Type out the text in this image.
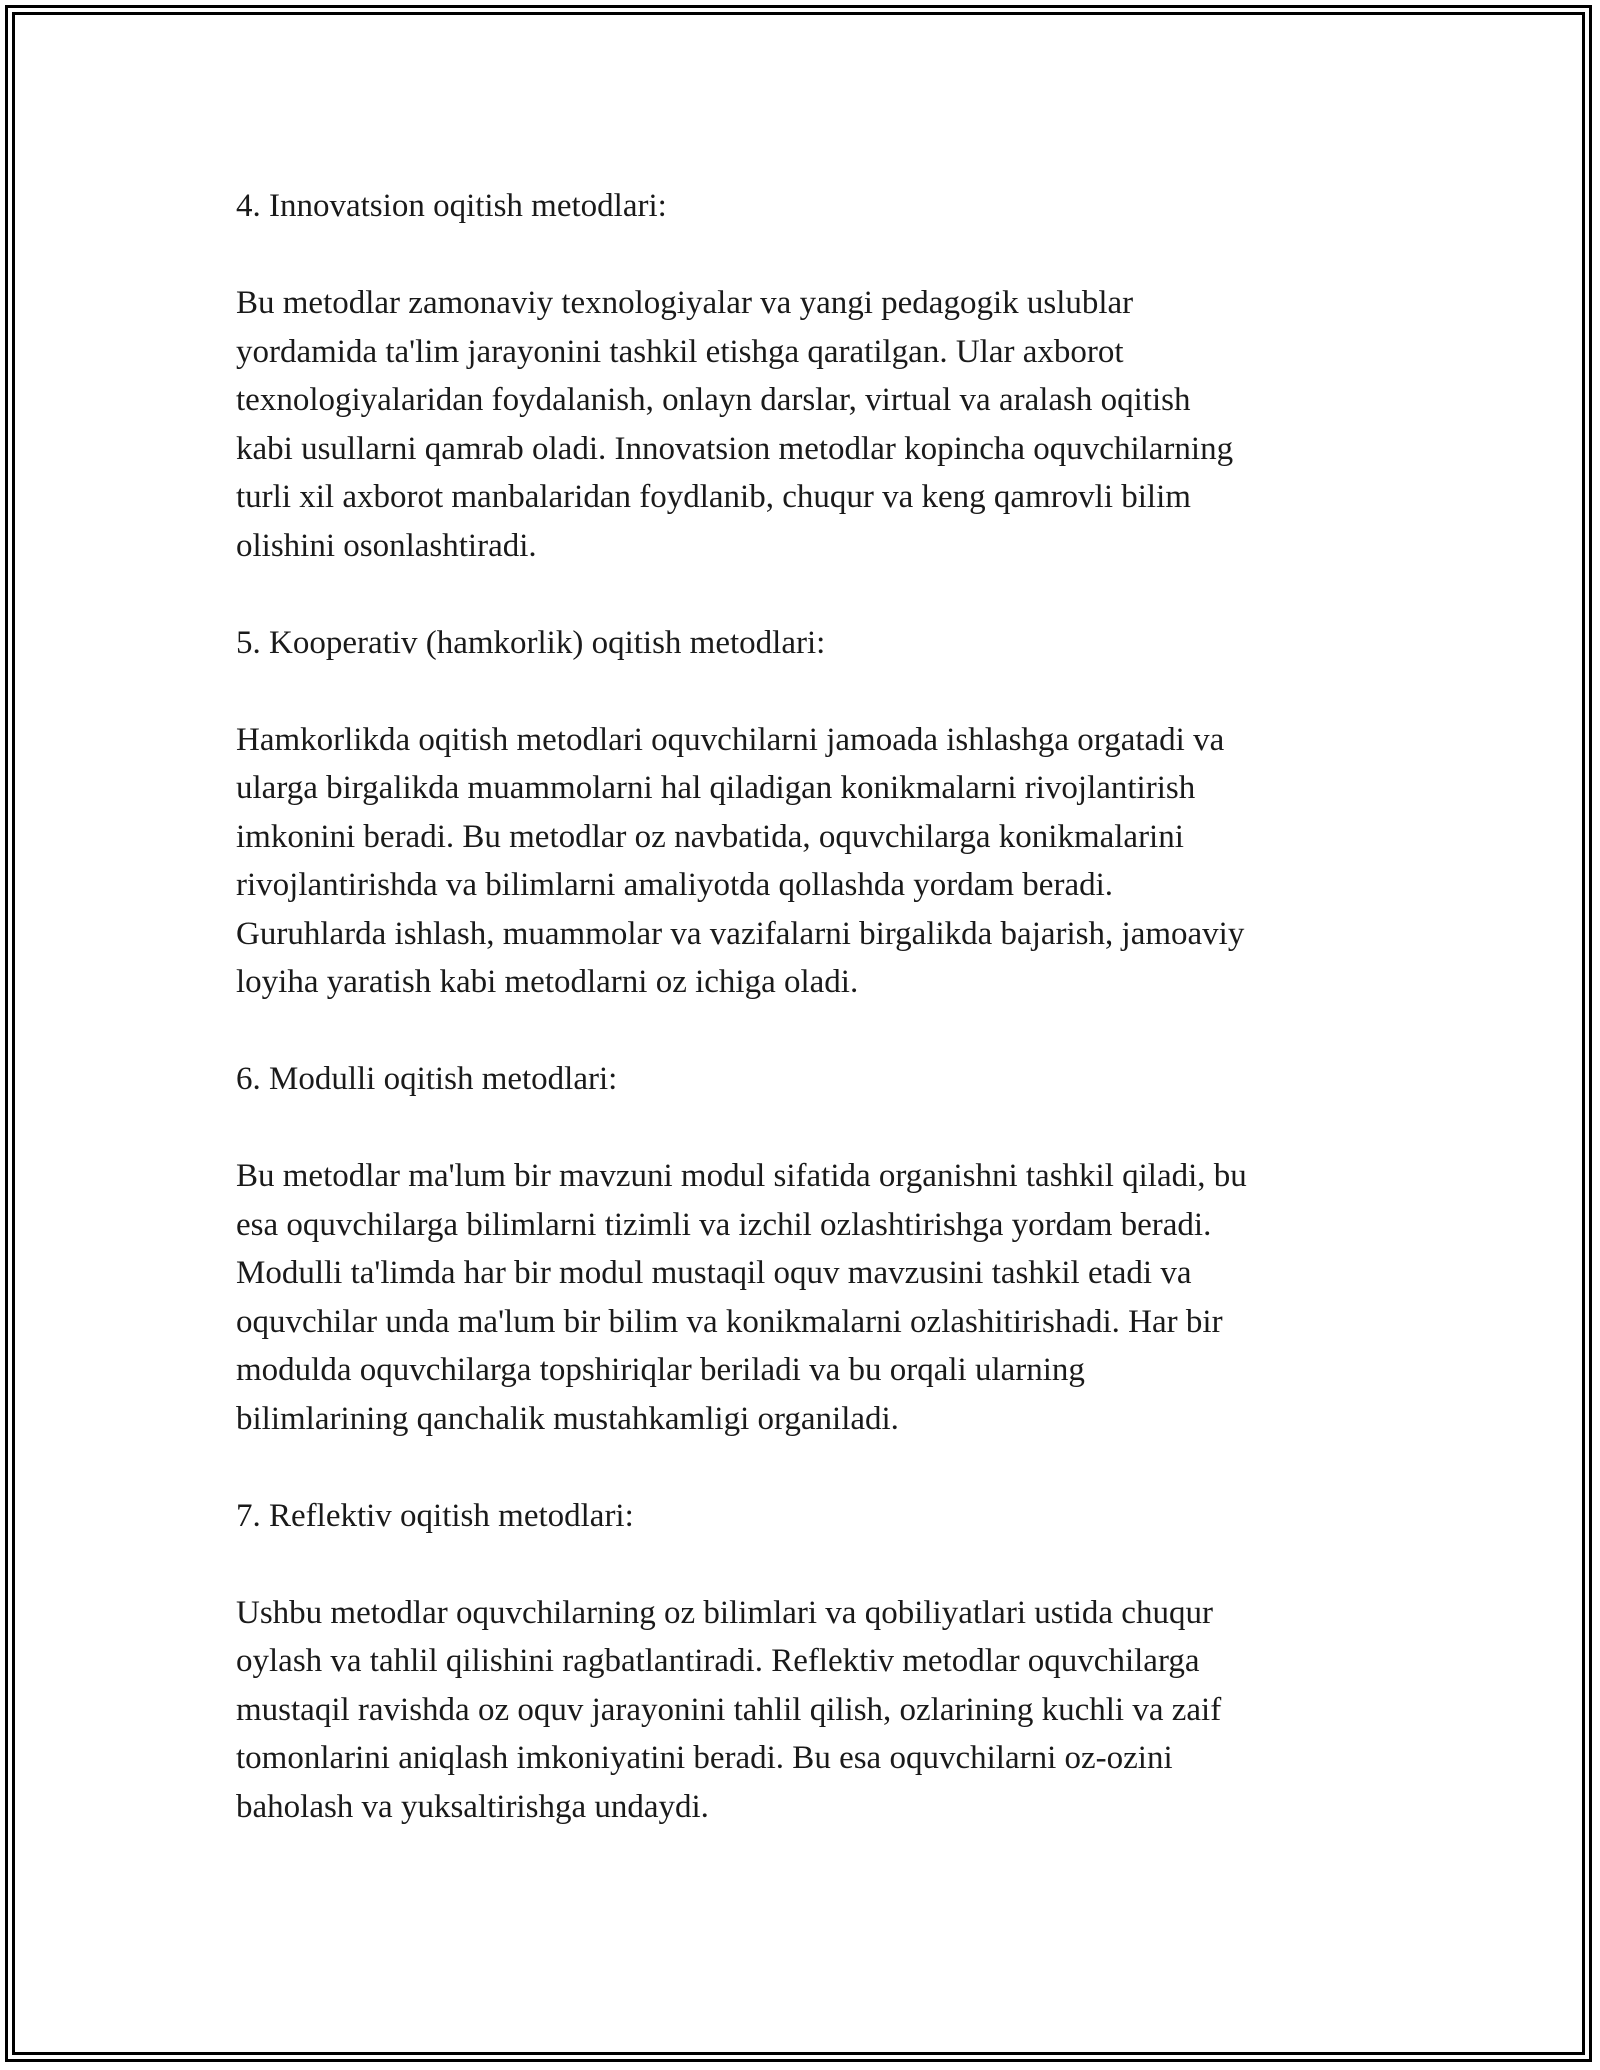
4. Innovatsion oqitish metodlari:

Bu metodlar zamonaviy texnologiyalar va yangi pedagogik uslublar
yordamida ta'lim jarayonini tashkil etishga qaratilgan. Ular axborot
texnologiyalaridan foydalanish, onlayn darslar, virtual va aralash oqitish
kabi usullarni qamrab oladi. Innovatsion metodlar kopincha oquvchilarning
turli xil axborot manbalaridan foydlanib, chuqur va keng qamrovli bilim
olishini osonlashtiradi.

5. Kooperativ (hamkorlik) oqitish metodlari:

Hamkorlikda oqitish metodlari oquvchilarni jamoada ishlashga orgatadi va
ularga birgalikda muammolarni hal qiladigan konikmalarni rivojlantirish
imkonini beradi. Bu metodlar oz navbatida, oquvchilarga konikmalarini
rivojlantirishda va bilimlarni amaliyotda qollashda yordam beradi.
Guruhlarda ishlash, muammolar va vazifalarni birgalikda bajarish, jamoaviy
loyiha yaratish kabi metodlarni oz ichiga oladi.

6. Modulli oqitish metodlari:

Bu metodlar ma'lum bir mavzuni modul sifatida organishni tashkil qiladi, bu
esa oquvchilarga bilimlarni tizimli va izchil ozlashtirishga yordam beradi.
Modulli ta'limda har bir modul mustaqil oquv mavzusini tashkil etadi va
oquvchilar unda ma'lum bir bilim va konikmalarni ozlashitirishadi. Har bir
modulda oquvchilarga topshiriqlar beriladi va bu orqali ularning
bilimlarining qanchalik mustahkamligi organiladi.

7. Reflektiv oqitish metodlari:

Ushbu metodlar oquvchilarning oz bilimlari va qobiliyatlari ustida chuqur
oylash va tahlil qilishini ragbatlantiradi. Reflektiv metodlar oquvchilarga
mustaqil ravishda oz oquv jarayonini tahlil qilish, ozlarining kuchli va zaif
tomonlarini aniqlash imkoniyatini beradi. Bu esa oquvchilarni oz-ozini
baholash va yuksaltirishga undaydi.
